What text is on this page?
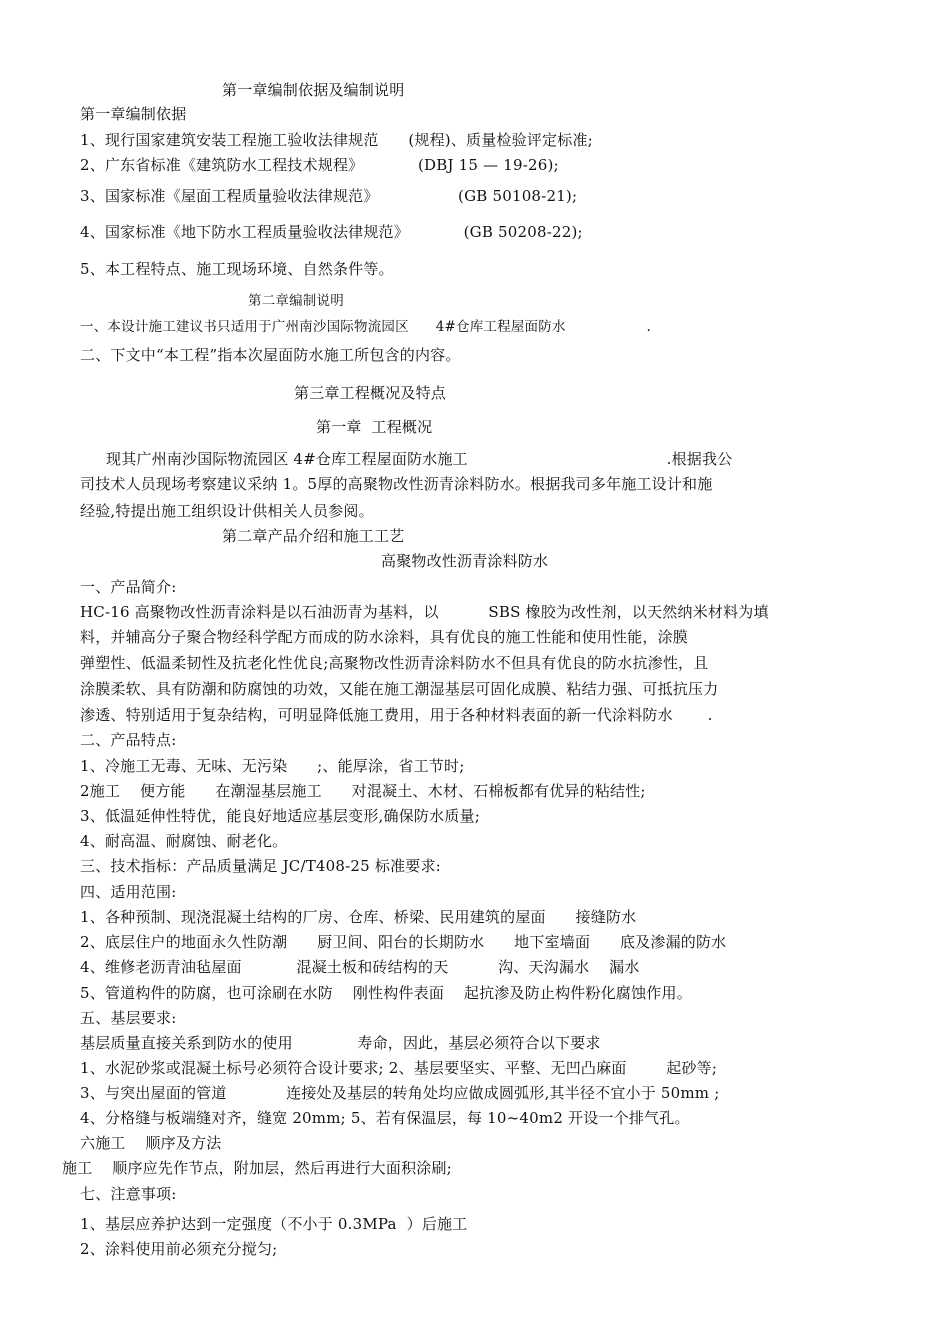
第一章编制依据及编制说明
第一章编制依据
1、现行国家建筑安装工程施工验收法律规范      (规程)、质量检验评定标准;
2、广东省标准《建筑防水工程技术规程》           (DBJ 15 — 19-26);
3、国家标准《屋面工程质量验收法律规范》                (GB 50108-21);
4、国家标准《地下防水工程质量验收法律规范》           (GB 50208-22);
5、本工程特点、施工现场环境、自然条件等。
第二章编制说明
一、本设计施工建议书只适用于广州南沙国际物流园区      4#仓库工程屋面防水                  .
二、下文中“本工程”指本次屋面防水施工所包含的内容。
第三章工程概况及特点
第一章  工程概况
现其广州南沙国际物流园区 4#仓库工程屋面防水施工                                        .根据我公
司技术人员现场考察建议采纳 1。5厚的高聚物改性沥青涂料防水。根据我司多年施工设计和施
经验,特提出施工组织设计供相关人员参阅。
第二章产品介绍和施工工艺
高聚物改性沥青涂料防水
一、产品简介:
HC-16 高聚物改性沥青涂料是以石油沥青为基料，以          SBS 橡胶为改性剂，以天然纳米材料为填
料，并辅高分子聚合物经科学配方而成的防水涂料，具有优良的施工性能和使用性能，涂膜
弹塑性、低温柔韧性及抗老化性优良;高聚物改性沥青涂料防水不但具有优良的防水抗渗性，且
涂膜柔软、具有防潮和防腐蚀的功效，又能在施工潮湿基层可固化成膜、粘结力强、可抵抗压力
渗透、特别适用于复杂结构，可明显降低施工费用，用于各种材料表面的新一代涂料防水       .
二、产品特点:
1、冷施工无毒、无味、无污染      ;、能厚涂，省工节时;
2施工    便方能      在潮湿基层施工      对混凝土、木材、石棉板都有优异的粘结性;
3、低温延伸性特优，能良好地适应基层变形,确保防水质量;
4、耐高温、耐腐蚀、耐老化。
三、技术指标：产品质量满足 JC/T408-25 标准要求:
四、适用范围:
1、各种预制、现浇混凝土结构的厂房、仓库、桥梁、民用建筑的屋面      接缝防水
2、底层住户的地面永久性防潮      厨卫间、阳台的长期防水      地下室墙面      底及渗漏的防水
4、维修老沥青油毡屋面           混凝土板和砖结构的天          沟、天沟漏水    漏水
5、管道构件的防腐，也可涂刷在水防    刚性构件表面    起抗渗及防止构件粉化腐蚀作用。
五、基层要求:
基层质量直接关系到防水的使用             寿命，因此，基层必须符合以下要求
1、水泥砂浆或混凝土标号必须符合设计要求; 2、基层要坚实、平整、无凹凸麻面        起砂等;
3、与突出屋面的管道            连接处及基层的转角处均应做成圆弧形,其半径不宜小于 50mm ;
4、分格缝与板端缝对齐，缝宽 20mm; 5、若有保温层，每 10~40m2 开设一个排气孔。
六施工    顺序及方法
施工    顺序应先作节点，附加层，然后再进行大面积涂刷;
七、注意事项:
1、基层应养护达到一定强度（不小于 0.3MPa  ）后施工
2、涂料使用前必须充分搅匀;
